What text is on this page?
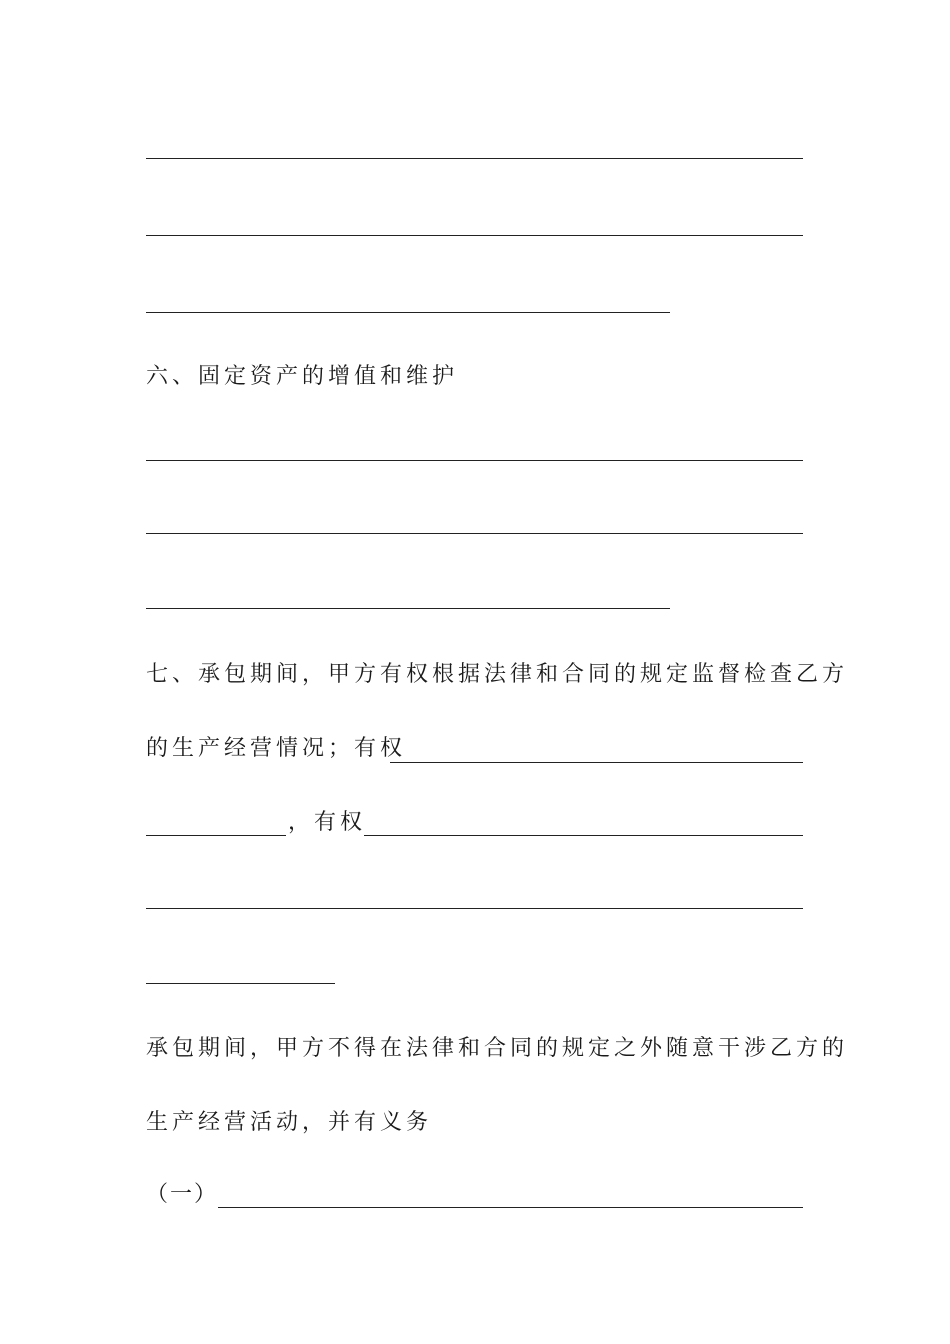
六、固定资产的增值和维护
七、承包期间，甲方有权根据法律和合同的规定监督检查乙方
的生产经营情况；有权
，有权
承包期间，甲方不得在法律和合同的规定之外随意干涉乙方的
生产经营活动，并有义务
（一）
